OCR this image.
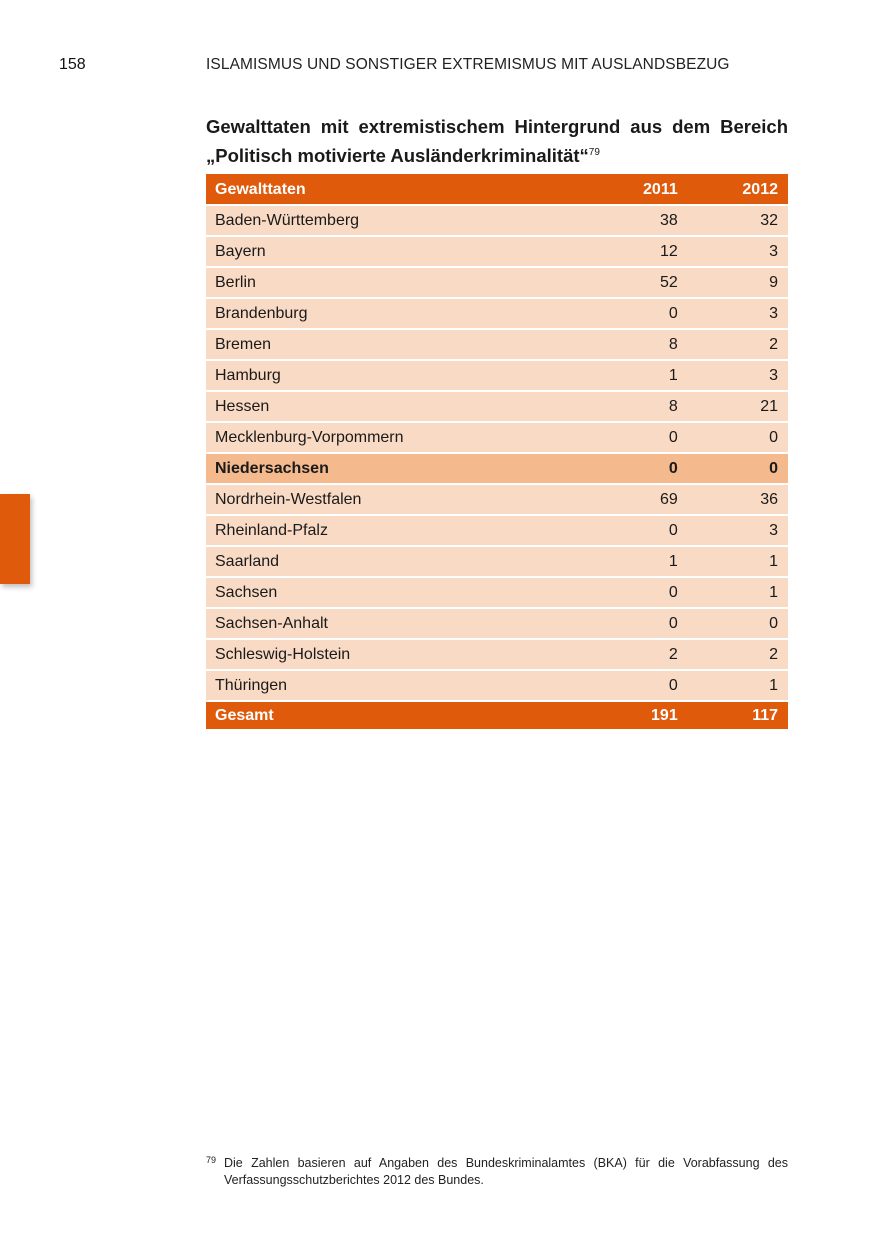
158	ISLAMISMUS UND SONSTIGER EXTREMISMUS MIT AUSLANDSBEZUG
Gewalttaten mit extremistischem Hintergrund aus dem Bereich
„Politisch motivierte Ausländerkriminalität“$^{79}$
Gewalttaten	2011	2012
Baden-Württemberg	38	32
Bayern	12	3
Berlin	52	9
Brandenburg	0	3
Bremen	8	2
Hamburg	1	3
Hessen	8	21
Mecklenburg-Vorpommern	0	0
Niedersachsen	0	0
Nordrhein-Westfalen	69	36
Rheinland-Pfalz	0	3
Saarland	1	1
Sachsen	0	1
Sachsen-Anhalt	0	0
Schleswig-Holstein	2	2
Thüringen	0	1
Gesamt	191	117
79 Die Zahlen basieren auf Angaben des Bundeskriminalamtes (BKA) für die Vorabfassung des Verfassungsschutzberichtes 2012 des Bundes.
